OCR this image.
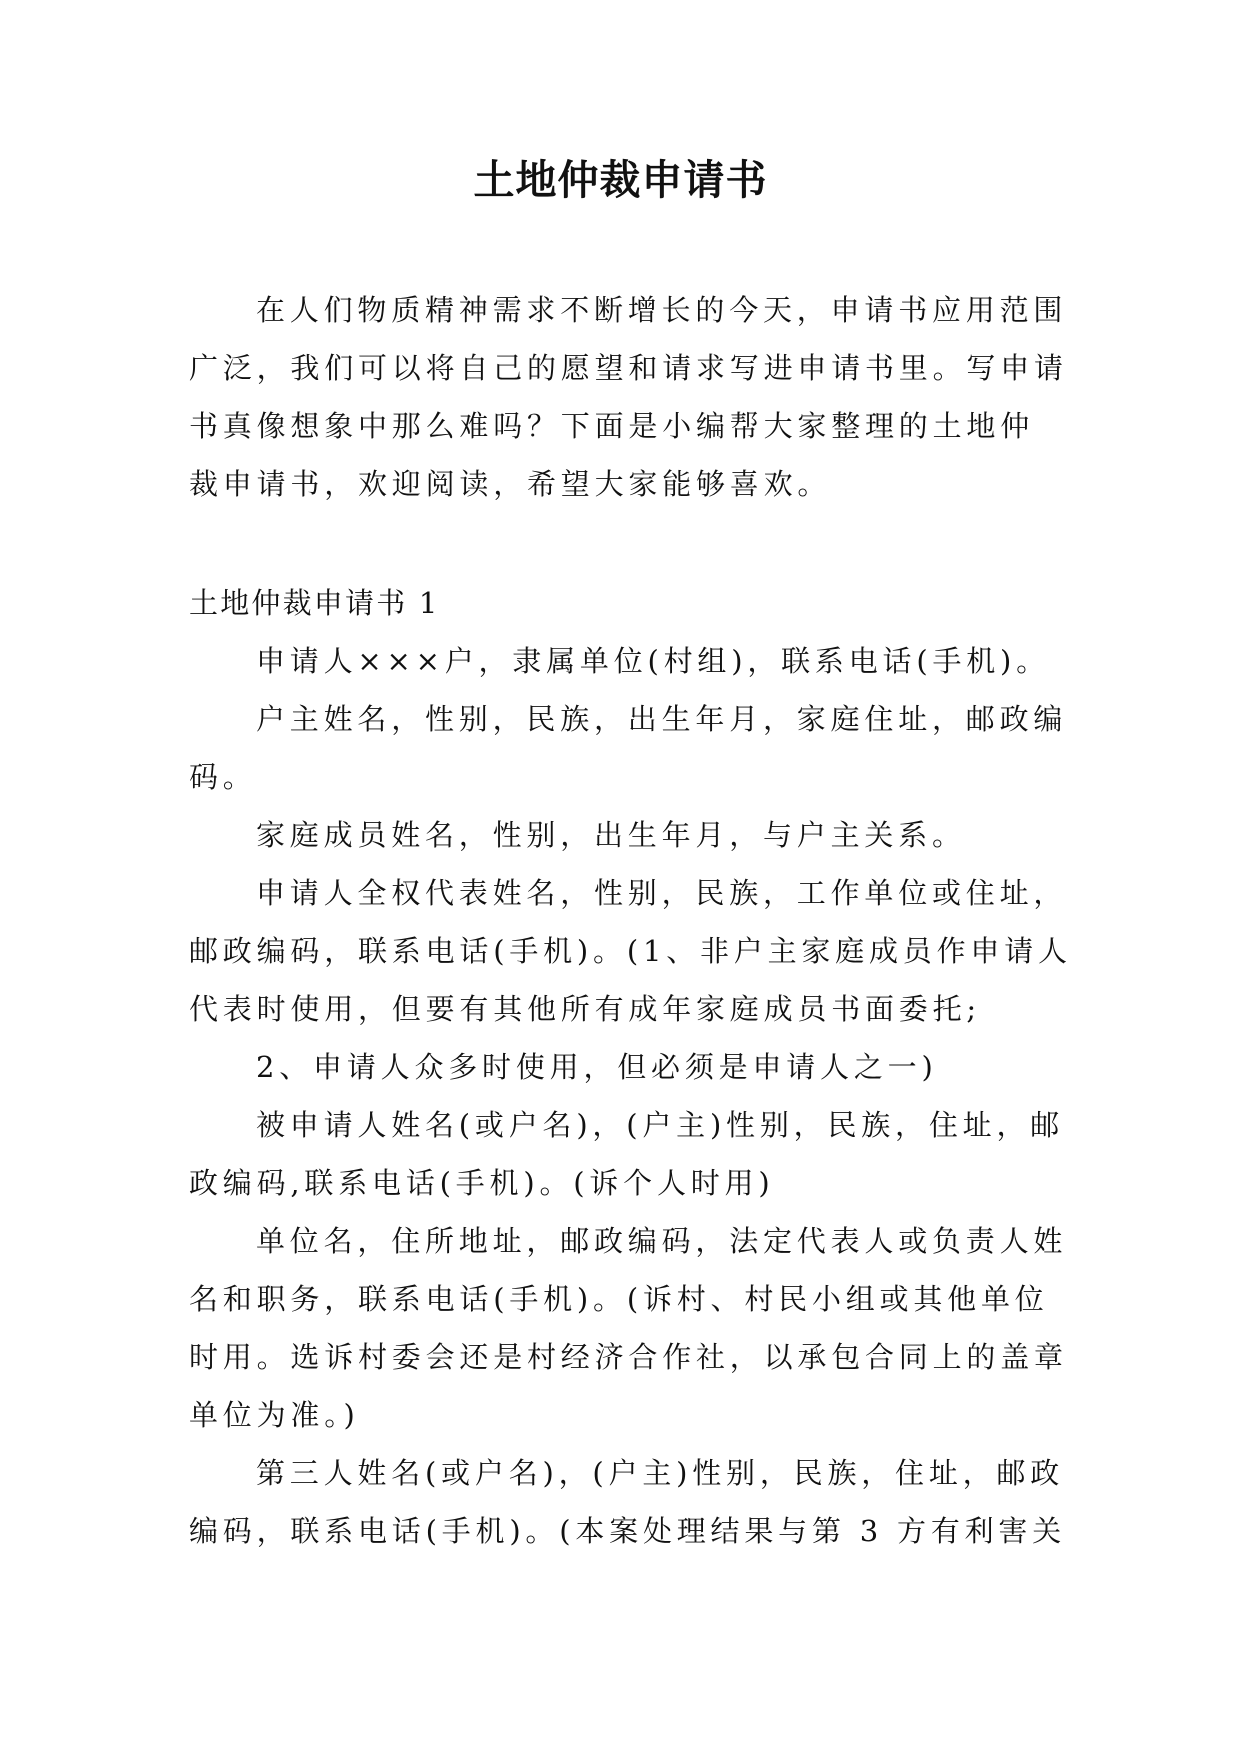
土地仲裁申请书
在人们物质精神需求不断增长的今天，申请书应用范围
广泛，我们可以将自己的愿望和请求写进申请书里。写申请
书真像想象中那么难吗？下面是小编帮大家整理的土地仲
裁申请书，欢迎阅读，希望大家能够喜欢。
土地仲裁申请书 1
申请人×××户，隶属单位(村组)，联系电话(手机)。
户主姓名，性别，民族，出生年月，家庭住址，邮政编
码。
家庭成员姓名，性别，出生年月，与户主关系。
申请人全权代表姓名，性别，民族，工作单位或住址，
邮政编码，联系电话(手机)。(1、非户主家庭成员作申请人
代表时使用，但要有其他所有成年家庭成员书面委托;
2、申请人众多时使用，但必须是申请人之一)
被申请人姓名(或户名)，(户主)性别，民族，住址，邮
政编码,联系电话(手机)。(诉个人时用)
单位名，住所地址，邮政编码，法定代表人或负责人姓
名和职务，联系电话(手机)。(诉村、村民小组或其他单位
时用。选诉村委会还是村经济合作社，以承包合同上的盖章
单位为准。)
第三人姓名(或户名)，(户主)性别，民族，住址，邮政
编码，联系电话(手机)。(本案处理结果与第 3 方有利害关
